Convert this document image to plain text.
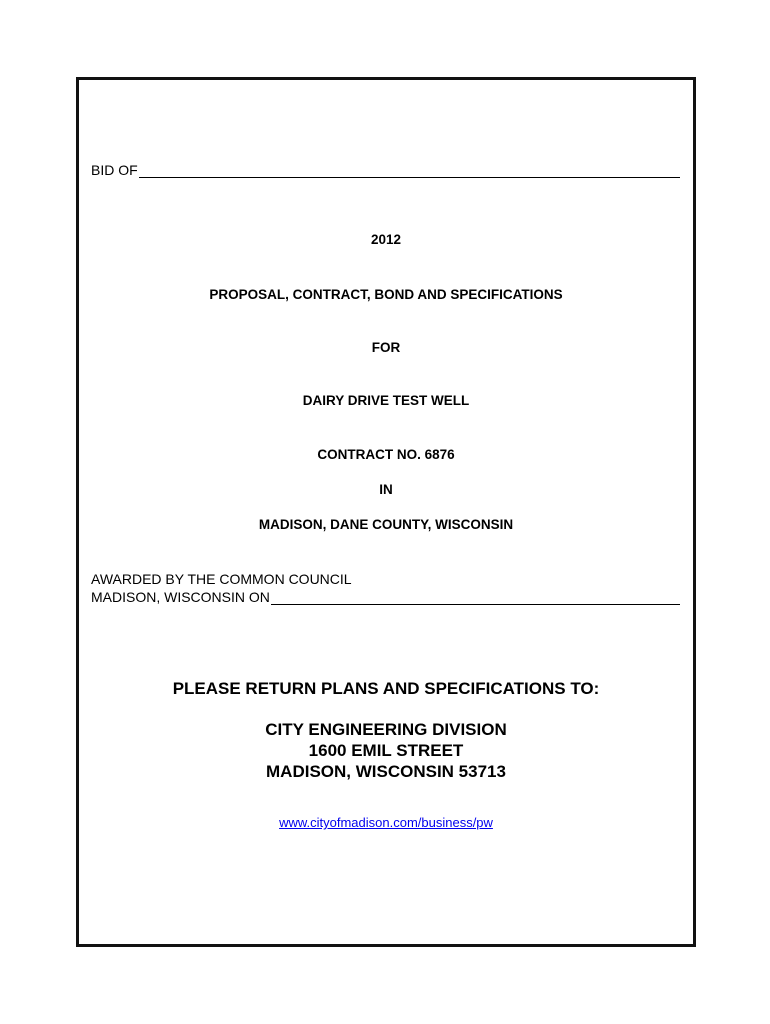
BID OF
2012
PROPOSAL, CONTRACT, BOND AND SPECIFICATIONS
FOR
DAIRY DRIVE TEST WELL
CONTRACT NO. 6876
IN
MADISON, DANE COUNTY, WISCONSIN
AWARDED BY THE COMMON COUNCIL
MADISON, WISCONSIN ON
PLEASE RETURN PLANS AND SPECIFICATIONS TO:
CITY ENGINEERING DIVISION
1600 EMIL STREET
MADISON, WISCONSIN 53713
www.cityofmadison.com/business/pw
